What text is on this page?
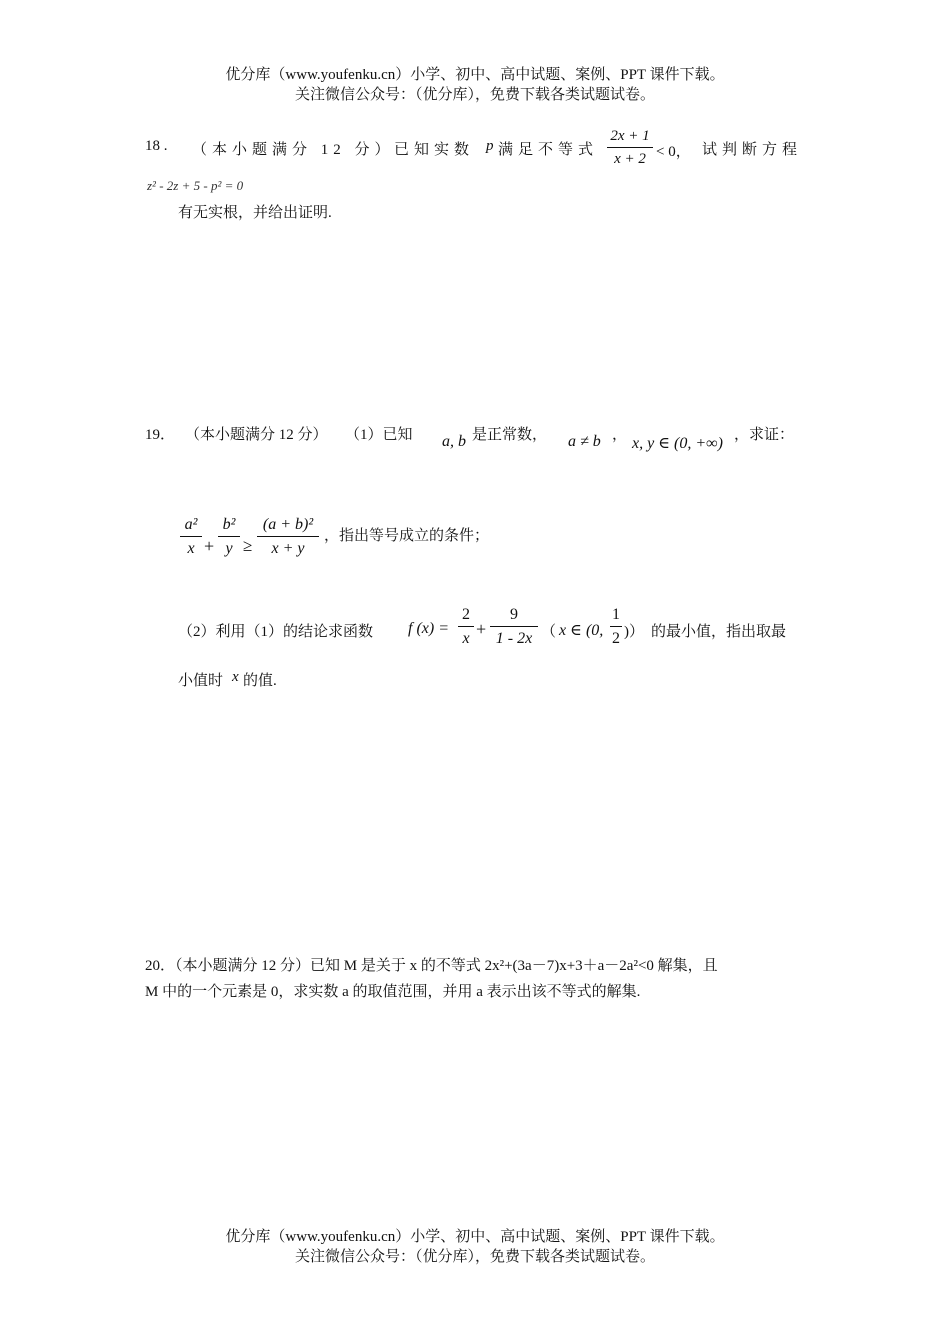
优分库（www.youfenku.cn）小学、初中、高中试题、案例、PPT 课件下载。
关注微信公众号：（优分库），免费下载各类试题试卷。
18 . （本小题满分 12 分） 已知实数 p 满足不等式
2x + 1
x + 2 < 0， 试判断方程
z² - 2z + 5 - p² = 0
有无实根，并给出证明.
19． （本小题满分 12 分） （1）已知 a, b 是正常数， a ≠ b ， x, y ∈ (0, +∞) ，求证：
a²
x +
b²
y ≥
(a + b)²
x + y
，指出等号成立的条件；
（2）利用（1）的结论求函数 f (x) =
2
x +
9
1 - 2x （ x ∈ (0,
1
2 )） 的最小值，指出取最
小值时 x 的值.
20．（本小题满分 12 分）已知 M 是关于 x 的不等式 2x²+(3a－7)x+3＋a－2a²<0 解集，且
M 中的一个元素是 0，求实数 a 的取值范围，并用 a 表示出该不等式的解集.
优分库（www.youfenku.cn）小学、初中、高中试题、案例、PPT 课件下载。
关注微信公众号：（优分库），免费下载各类试题试卷。
